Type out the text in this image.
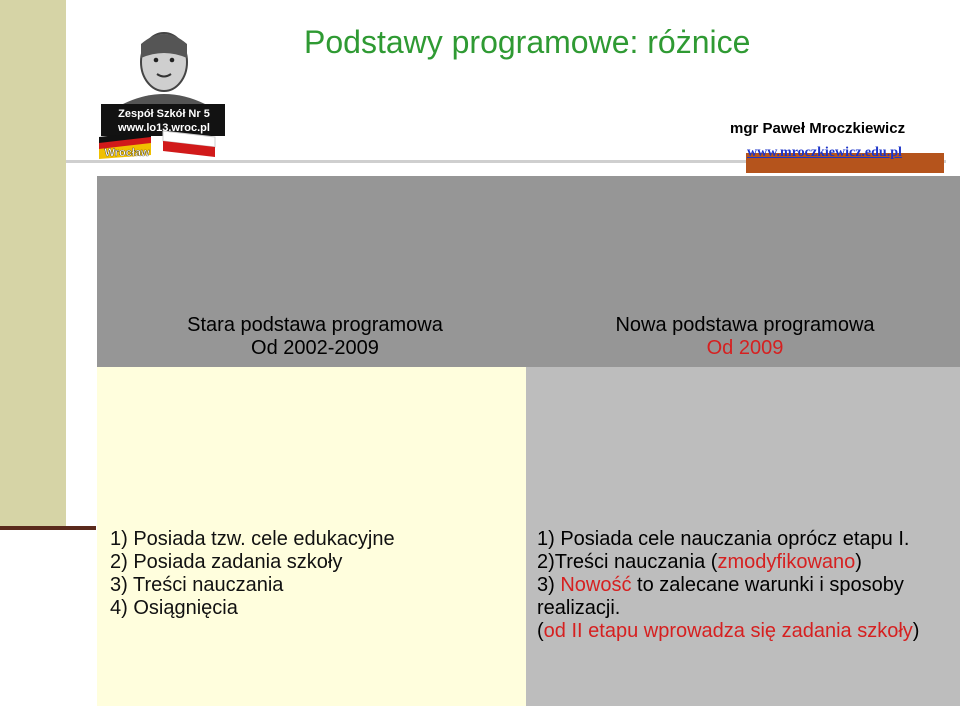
Zespół Szkół Nr 5
www.lo13.wroc.pl
Wrocław
Podstawy programowe: różnice
mgr Paweł Mroczkiewicz
www.mroczkiewicz.edu.pl
Stara podstawa programowa
Od 2002-2009
Nowa podstawa programowa
Od 2009
1) Posiada tzw. cele edukacyjne
2) Posiada zadania szkoły
3) Treści nauczania
4) Osiągnięcia
1) Posiada cele nauczania oprócz etapu I.
2)Treści nauczania (zmodyfikowano)
3) Nowość to zalecane warunki i sposoby realizacji.
(od II etapu wprowadza się zadania szkoły)
